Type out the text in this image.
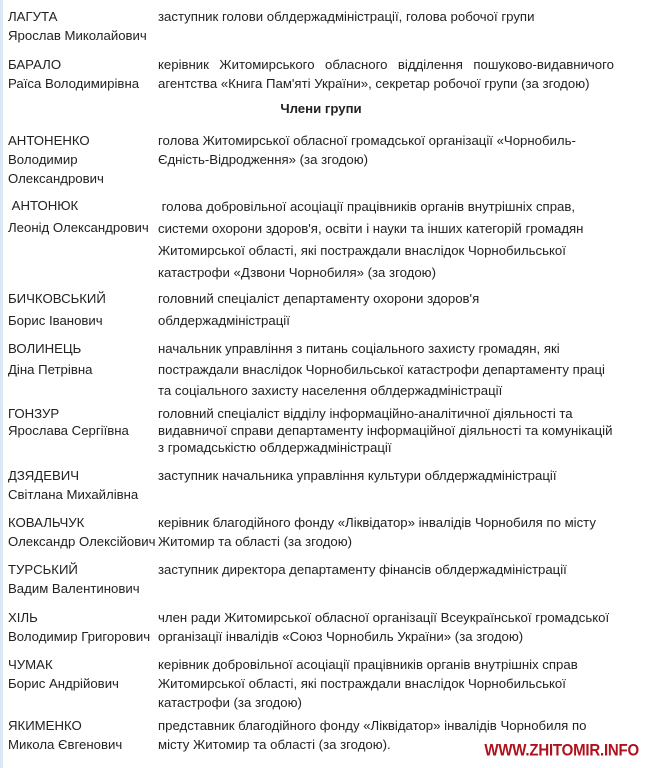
ЛАГУТА
Ярослав Миколайович
заступник голови облдержадміністрації, голова робочої групи
БАРАЛО
Раїса Володимирівна
керівник Житомирського обласного відділення пошуково-видавничого
агентства «Книга Пам'яті України», секретар робочої групи (за згодою)
Члени групи
АНТОНЕНКО
Володимир
Олександрович
голова Житомирської обласної громадської організації «Чорнобиль-
Єдність-Відродження» (за згодою)
АНТОНЮК
Леонід Олександрович
голова добровільної асоціації працівників органів внутрішніх справ,
системи охорони здоров'я, освіти і науки та інших категорій громадян
Житомирської області, які постраждали внаслідок Чорнобильської
катастрофи «Дзвони Чорнобиля» (за згодою)
БИЧКОВСЬКИЙ
Борис Іванович
головний спеціаліст департаменту охорони здоров'я облдержадміністрації
ВОЛИНЕЦЬ
Діна Петрівна
начальник управління з питань соціального захисту громадян, які
постраждали внаслідок Чорнобильської катастрофи департаменту праці
та соціального захисту населення облдержадміністрації
ГОНЗУР
Ярослава Сергіївна
головний спеціаліст відділу інформаційно-аналітичної діяльності та
видавничої справи департаменту інформаційної діяльності та комунікацій
з громадськістю облдержадміністрації
ДЗЯДЕВИЧ
Світлана Михайлівна
заступник начальника управління культури облдержадміністрації
КОВАЛЬЧУК
Олександр Олексійович
керівник благодійного фонду «Ліквідатор» інвалідів Чорнобиля по місту
Житомир та області (за згодою)
ТУРСЬКИЙ
Вадим Валентинович
заступник директора департаменту фінансів облдержадміністрації
ХІЛЬ
Володимир Григорович
член ради Житомирської обласної організації Всеукраїнської громадської
організації інвалідів «Союз Чорнобиль України» (за згодою)
ЧУМАК
Борис Андрійович
керівник добровільної асоціації працівників органів внутрішніх справ
Житомирської області, які постраждали внаслідок Чорнобильської
катастрофи (за згодою)
ЯКИМЕНКО
Микола Євгенович
представник благодійного фонду «Ліквідатор» інвалідів Чорнобиля по
місту Житомир та області (за згодою).	WWW.ZHITOMIR.INFO
